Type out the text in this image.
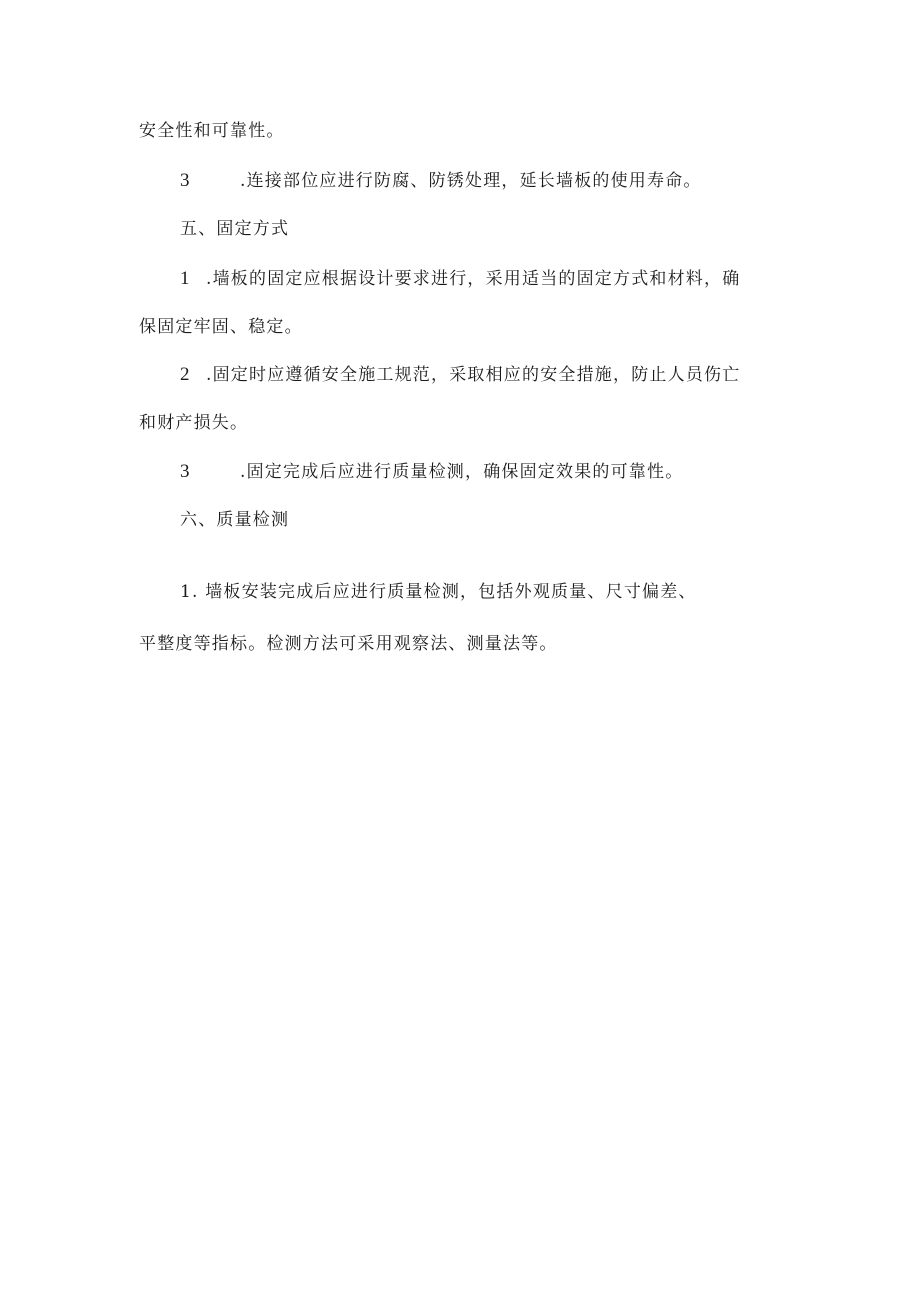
安全性和可靠性。
3	.连接部位应进行防腐、防锈处理，延长墙板的使用寿命。
五、固定方式
1 .墙板的固定应根据设计要求进行，采用适当的固定方式和材料，确
保固定牢固、稳定。
2 .固定时应遵循安全施工规范，采取相应的安全措施，防止人员伤亡
和财产损失。
3	.固定完成后应进行质量检测，确保固定效果的可靠性。
六、质量检测
1. 墙板安装完成后应进行质量检测，包括外观质量、尺寸偏差、
平整度等指标。检测方法可采用观察法、测量法等。
